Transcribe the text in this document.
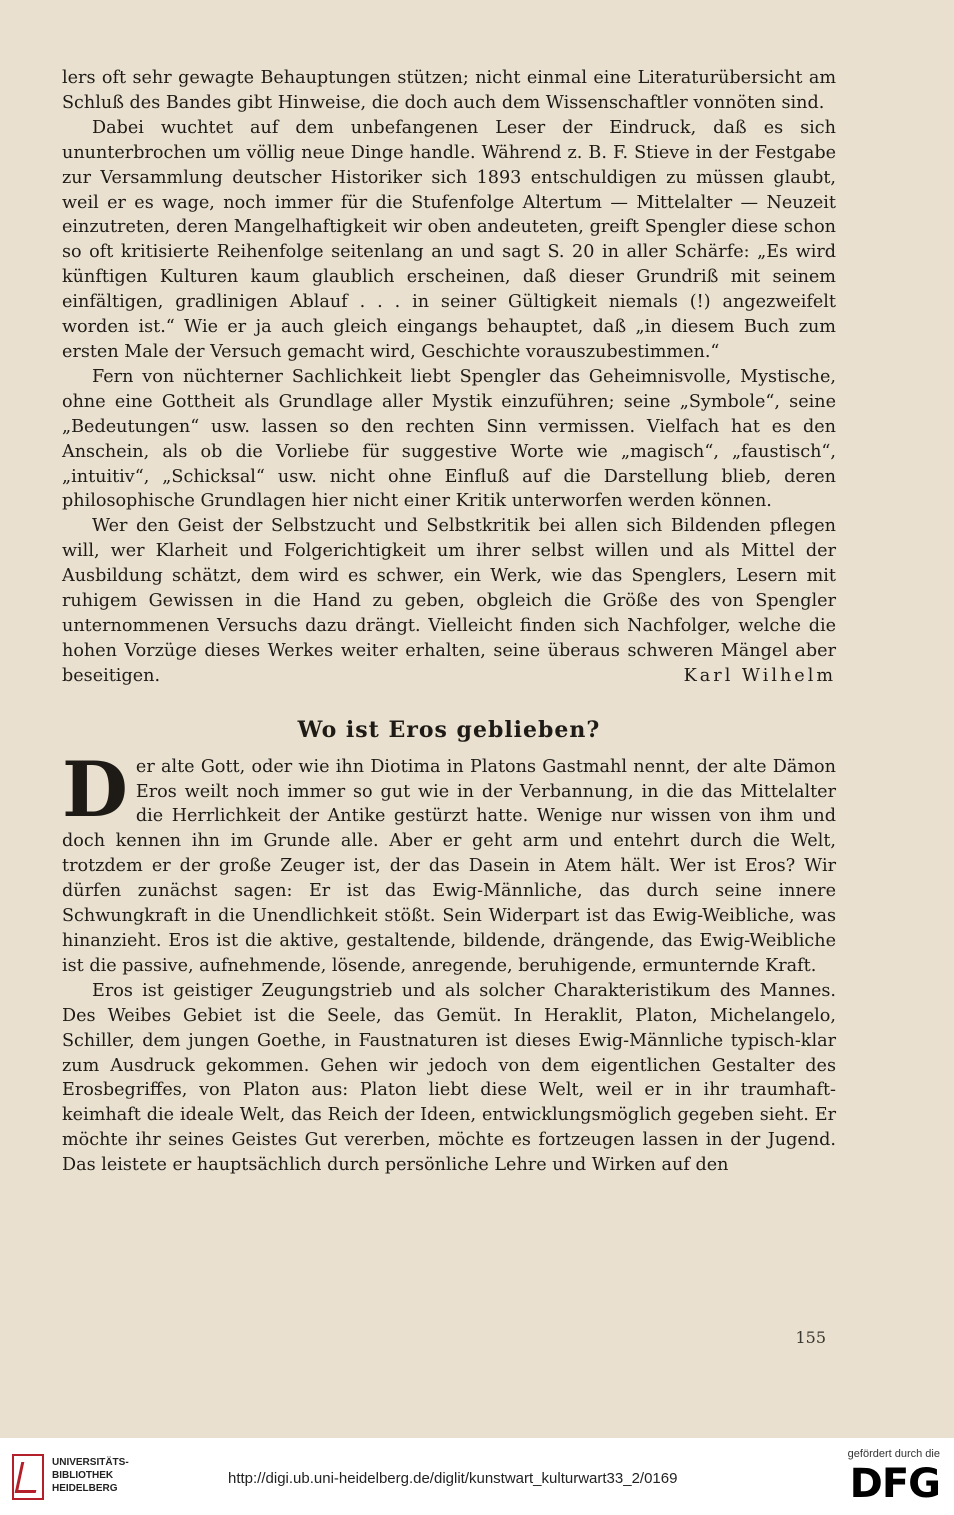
lers oft sehr gewagte Behauptungen stützen; nicht einmal eine Literaturübersicht am Schluß des Bandes gibt Hinweise, die doch auch dem Wissenschaftler vonnöten sind.

Dabei wuchtet auf dem unbefangenen Leser der Eindruck, daß es sich ununterbrochen um völlig neue Dinge handle. Während z. B. F. Stieve in der Festgabe zur Versammlung deutscher Historiker sich 1893 entschuldigen zu müssen glaubt, weil er es wage, noch immer für die Stufenfolge Altertum — Mittelalter — Neuzeit einzutreten, deren Mangelhaftigkeit wir oben andeuteten, greift Spengler diese schon so oft kritisierte Reihenfolge seitenlang an und sagt S. 20 in aller Schärfe: „Es wird künftigen Kulturen kaum glaublich erscheinen, daß dieser Grundriß mit seinem einfältigen, gradlinigen Ablauf . . . in seiner Gültigkeit niemals (!) angezweifelt worden ist.“ Wie er ja auch gleich eingangs behauptet, daß „in diesem Buch zum ersten Male der Versuch gemacht wird, Geschichte vorauszubestimmen.“

Fern von nüchterner Sachlichkeit liebt Spengler das Geheimnisvolle, Mystische, ohne eine Gottheit als Grundlage aller Mystik einzuführen; seine „Symbole“, seine „Bedeutungen“ usw. lassen so den rechten Sinn vermissen. Vielfach hat es den Anschein, als ob die Vorliebe für suggestive Worte wie „magisch“, „faustisch“, „intuitiv“, „Schicksal“ usw. nicht ohne Einfluß auf die Darstellung blieb, deren philosophische Grundlagen hier nicht einer Kritik unterworfen werden können.

Wer den Geist der Selbstzucht und Selbstkritik bei allen sich Bildenden pflegen will, wer Klarheit und Folgerichtigkeit um ihrer selbst willen und als Mittel der Ausbildung schätzt, dem wird es schwer, ein Werk, wie das Spenglers, Lesern mit ruhigem Gewissen in die Hand zu geben, obgleich die Größe des von Spengler unternommenen Versuchs dazu drängt. Vielleicht finden sich Nachfolger, welche die hohen Vorzüge dieses Werkes weiter erhalten, seine überaus schweren Mängel aber beseitigen.	Karl Wilhelm

Wo ist Eros geblieben?

Der alte Gott, oder wie ihn Diotima in Platons Gastmahl nennt, der alte Dämon Eros weilt noch immer so gut wie in der Verbannung, in die das Mittelalter die Herrlichkeit der Antike gestürzt hatte. Wenige nur wissen von ihm und doch kennen ihn im Grunde alle. Aber er geht arm und entehrt durch die Welt, trotzdem er der große Zeuger ist, der das Dasein in Atem hält. Wer ist Eros? Wir dürfen zunächst sagen: Er ist das Ewig-Männliche, das durch seine innere Schwungkraft in die Unendlichkeit stößt. Sein Widerpart ist das Ewig-Weibliche, was hinanzieht. Eros ist die aktive, gestaltende, bildende, drängende, das Ewig-Weibliche ist die passive, aufnehmende, lösende, anregende, beruhigende, ermunternde Kraft.

Eros ist geistiger Zeugungstrieb und als solcher Charakteristikum des Mannes. Des Weibes Gebiet ist die Seele, das Gemüt. In Heraklit, Platon, Michelangelo, Schiller, dem jungen Goethe, in Faustnaturen ist dieses Ewig-Männliche typisch-klar zum Ausdruck gekommen. Gehen wir jedoch von dem eigentlichen Gestalter des Erosbegriffes, von Platon aus: Platon liebt diese Welt, weil er in ihr traumhaft-keimhaft die ideale Welt, das Reich der Ideen, entwicklungsmöglich gegeben sieht. Er möchte ihr seines Geistes Gut vererben, möchte es fortzeugen lassen in der Jugend. Das leistete er hauptsächlich durch persönliche Lehre und Wirken auf den

155
UNIVERSITÄTS-
BIBLIOTHEK
HEIDELBERG
http://digi.ub.uni-heidelberg.de/diglit/kunstwart_kulturwart33_2/0169
gefördert durch die
DFG
